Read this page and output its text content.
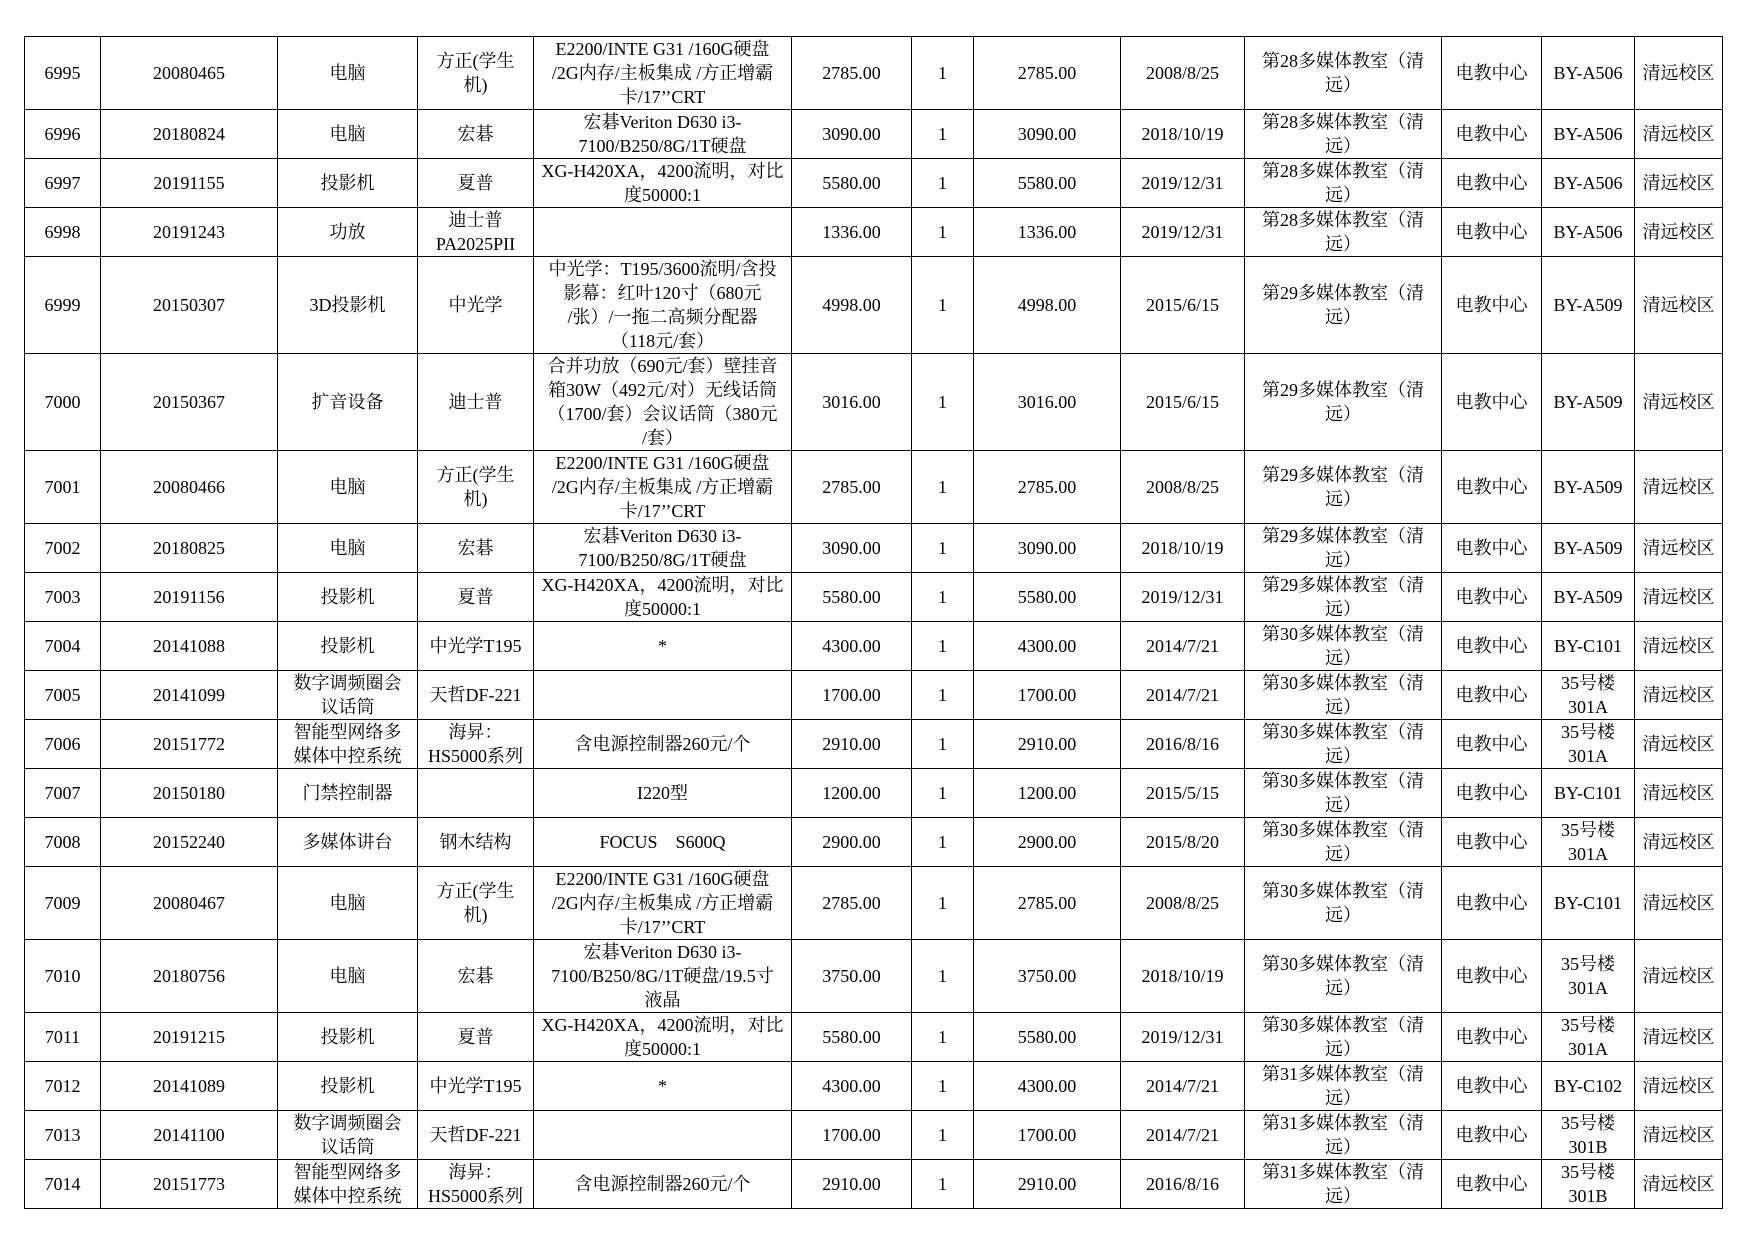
6995	20080465	电脑	方正(学生
机)	E2200/INTE G31 /160G硬盘
/2G内存/主板集成 /方正增霸
卡/17’’CRT	2785.00	1	2785.00	2008/8/25	第28多媒体教室（清
远）	电教中心	BY-A506	清远校区
6996	20180824	电脑	宏碁	宏碁Veriton D630 i3-
7100/B250/8G/1T硬盘	3090.00	1	3090.00	2018/10/19	第28多媒体教室（清
远）	电教中心	BY-A506	清远校区
6997	20191155	投影机	夏普	XG-H420XA，4200流明，对比
度50000:1	5580.00	1	5580.00	2019/12/31	第28多媒体教室（清
远）	电教中心	BY-A506	清远校区
6998	20191243	功放	迪士普
PA2025PII		1336.00	1	1336.00	2019/12/31	第28多媒体教室（清
远）	电教中心	BY-A506	清远校区
6999	20150307	3D投影机	中光学	中光学：T195/3600流明/含投
影幕：红叶120寸（680元
/张）/一拖二高频分配器
（118元/套）	4998.00	1	4998.00	2015/6/15	第29多媒体教室（清
远）	电教中心	BY-A509	清远校区
7000	20150367	扩音设备	迪士普	合并功放（690元/套）壁挂音
箱30W（492元/对）无线话筒
（1700/套）会议话筒（380元
/套）	3016.00	1	3016.00	2015/6/15	第29多媒体教室（清
远）	电教中心	BY-A509	清远校区
7001	20080466	电脑	方正(学生
机)	E2200/INTE G31 /160G硬盘
/2G内存/主板集成 /方正增霸
卡/17’’CRT	2785.00	1	2785.00	2008/8/25	第29多媒体教室（清
远）	电教中心	BY-A509	清远校区
7002	20180825	电脑	宏碁	宏碁Veriton D630 i3-
7100/B250/8G/1T硬盘	3090.00	1	3090.00	2018/10/19	第29多媒体教室（清
远）	电教中心	BY-A509	清远校区
7003	20191156	投影机	夏普	XG-H420XA，4200流明，对比
度50000:1	5580.00	1	5580.00	2019/12/31	第29多媒体教室（清
远）	电教中心	BY-A509	清远校区
7004	20141088	投影机	中光学T195	*	4300.00	1	4300.00	2014/7/21	第30多媒体教室（清
远）	电教中心	BY-C101	清远校区
7005	20141099	数字调频圈会
议话筒	天哲DF-221		1700.00	1	1700.00	2014/7/21	第30多媒体教室（清
远）	电教中心	35号楼
301A	清远校区
7006	20151772	智能型网络多
媒体中控系统	海昇：
HS5000系列	含电源控制器260元/个	2910.00	1	2910.00	2016/8/16	第30多媒体教室（清
远）	电教中心	35号楼
301A	清远校区
7007	20150180	门禁控制器		I220型	1200.00	1	1200.00	2015/5/15	第30多媒体教室（清
远）	电教中心	BY-C101	清远校区
7008	20152240	多媒体讲台	钢木结构	FOCUS    S600Q	2900.00	1	2900.00	2015/8/20	第30多媒体教室（清
远）	电教中心	35号楼
301A	清远校区
7009	20080467	电脑	方正(学生
机)	E2200/INTE G31 /160G硬盘
/2G内存/主板集成 /方正增霸
卡/17’’CRT	2785.00	1	2785.00	2008/8/25	第30多媒体教室（清
远）	电教中心	BY-C101	清远校区
7010	20180756	电脑	宏碁	宏碁Veriton D630 i3-
7100/B250/8G/1T硬盘/19.5寸
液晶	3750.00	1	3750.00	2018/10/19	第30多媒体教室（清
远）	电教中心	35号楼
301A	清远校区
7011	20191215	投影机	夏普	XG-H420XA，4200流明，对比
度50000:1	5580.00	1	5580.00	2019/12/31	第30多媒体教室（清
远）	电教中心	35号楼
301A	清远校区
7012	20141089	投影机	中光学T195	*	4300.00	1	4300.00	2014/7/21	第31多媒体教室（清
远）	电教中心	BY-C102	清远校区
7013	20141100	数字调频圈会
议话筒	天哲DF-221		1700.00	1	1700.00	2014/7/21	第31多媒体教室（清
远）	电教中心	35号楼
301B	清远校区
7014	20151773	智能型网络多
媒体中控系统	海昇：
HS5000系列	含电源控制器260元/个	2910.00	1	2910.00	2016/8/16	第31多媒体教室（清
远）	电教中心	35号楼
301B	清远校区
